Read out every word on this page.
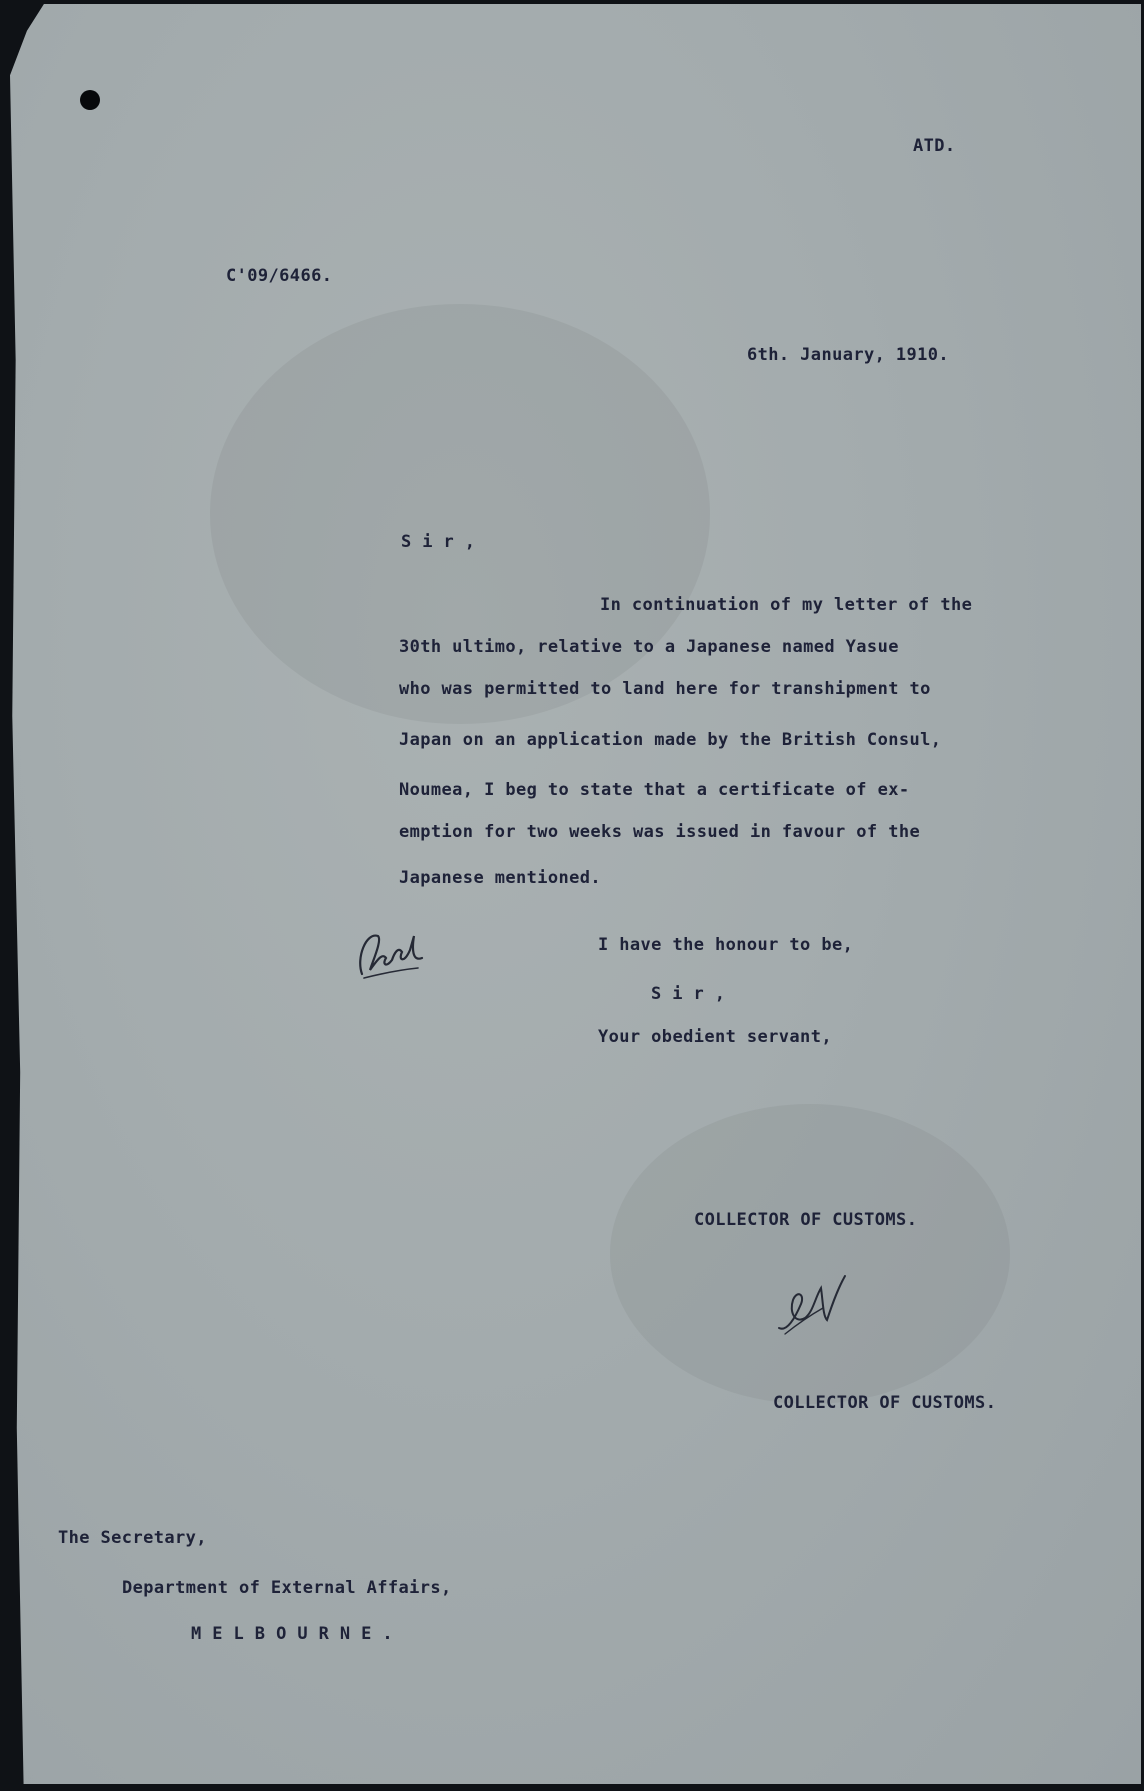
ATD.
C'09/6466.
6th. January, 1910.
S i r ,
In continuation of my letter of the
30th ultimo, relative to a Japanese named Yasue
who was permitted to land here for transhipment to
Japan on an application made by the British Consul,
Noumea, I beg to state that a certificate of ex-
emption for two weeks was issued in favour of the
Japanese mentioned.
I have the honour to be,
S i r ,
Your obedient servant,
COLLECTOR OF CUSTOMS.
COLLECTOR OF CUSTOMS.
The Secretary,
Department of External Affairs,
M E L B O U R N E .
